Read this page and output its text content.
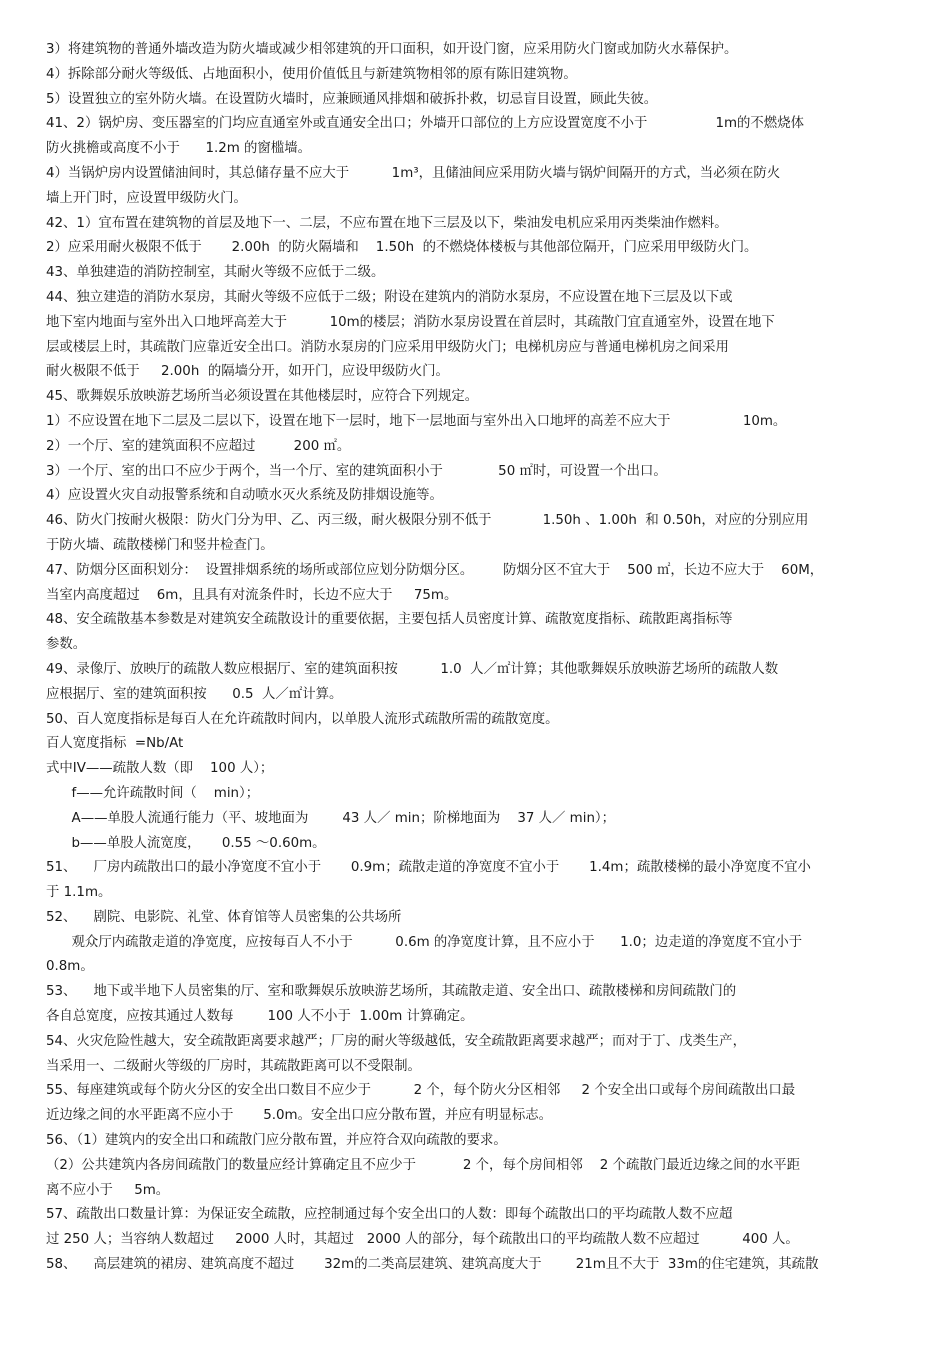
3）将建筑物的普通外墙改造为防火墙或减少相邻建筑的开口面积，如开设门窗，应采用防火门窗或加防火水幕保护。
4）拆除部分耐火等级低、占地面积小，使用价值低且与新建筑物相邻的原有陈旧建筑物。
5）设置独立的室外防火墙。在设置防火墙时，应兼顾通风排烟和破拆扑救，切忌盲目设置，顾此失彼。
41、2）锅炉房、变压器室的门均应直通室外或直通安全出口；外墙开口部位的上方应设置宽度不小于                1m的不燃烧体
防火挑檐或高度不小于      1.2m 的窗槛墙。
4）当锅炉房内设置储油间时，其总储存量不应大于          1m³，且储油间应采用防火墙与锅炉间隔开的方式，当必须在防火
墙上开门时，应设置甲级防火门。
42、1）宜布置在建筑物的首层及地下一、二层，不应布置在地下三层及以下，柴油发电机应采用丙类柴油作燃料。
2）应采用耐火极限不低于       2.00h  的防火隔墙和    1.50h  的不燃烧体楼板与其他部位隔开，门应采用甲级防火门。
43、单独建造的消防控制室，其耐火等级不应低于二级。
44、独立建造的消防水泵房，其耐火等级不应低于二级；附设在建筑内的消防水泵房，不应设置在地下三层及以下或
地下室内地面与室外出入口地坪高差大于          10m的楼层；消防水泵房设置在首层时，其疏散门宜直通室外，设置在地下
层或楼层上时，其疏散门应靠近安全出口。消防水泵房的门应采用甲级防火门；电梯机房应与普通电梯机房之间采用
耐火极限不低于     2.00h  的隔墙分开，如开门，应设甲级防火门。
45、歌舞娱乐放映游艺场所当必须设置在其他楼层时，应符合下列规定。
1）不应设置在地下二层及二层以下，设置在地下一层时，地下一层地面与室外出入口地坪的高差不应大于                 10m。
2）一个厅、室的建筑面积不应超过         200 ㎡。
3）一个厅、室的出口不应少于两个，当一个厅、室的建筑面积小于             50 ㎡时，可设置一个出口。
4）应设置火灾自动报警系统和自动喷水灭火系统及防排烟设施等。
46、防火门按耐火极限：防火门分为甲、乙、丙三级，耐火极限分别不低于            1.50h 、1.00h  和 0.50h，对应的分别应用
于防火墙、疏散楼梯门和竖井检查门。
47、防烟分区面积划分：  设置排烟系统的场所或部位应划分防烟分区。       防烟分区不宜大于    500 ㎡，长边不应大于    60M，
当室内高度超过    6m，且具有对流条件时，长边不应大于     75m。
48、安全疏散基本参数是对建筑安全疏散设计的重要依据，主要包括人员密度计算、疏散宽度指标、疏散距离指标等
参数。
49、录像厅、放映厅的疏散人数应根据厅、室的建筑面积按          1.0  人／㎡计算；其他歌舞娱乐放映游艺场所的疏散人数
应根据厅、室的建筑面积按      0.5  人／㎡计算。
50、百人宽度指标是每百人在允许疏散时间内，以单股人流形式疏散所需的疏散宽度。
百人宽度指标  =Nb/At
式中IV——疏散人数（即    100 人）；
f——允许疏散时间（    min）；
A——单股人流通行能力（平、坡地面为        43 人／ min；阶梯地面为    37 人／ min）；
b——单股人流宽度，     0.55 ～0.60m。
51、    厂房内疏散出口的最小净宽度不宜小于       0.9m；疏散走道的净宽度不宜小于       1.4m；疏散楼梯的最小净宽度不宜小
于 1.1m。
52、    剧院、电影院、礼堂、体育馆等人员密集的公共场所
观众厅内疏散走道的净宽度，应按每百人不小于          0.6m 的净宽度计算，且不应小于      1.0；边走道的净宽度不宜小于
0.8m。
53、    地下或半地下人员密集的厅、室和歌舞娱乐放映游艺场所，其疏散走道、安全出口、疏散楼梯和房间疏散门的
各自总宽度，应按其通过人数每        100 人不小于  1.00m 计算确定。
54、火灾危险性越大，安全疏散距离要求越严；厂房的耐火等级越低，安全疏散距离要求越严；而对于丁、戊类生产，
当采用一、二级耐火等级的厂房时，其疏散距离可以不受限制。
55、每座建筑或每个防火分区的安全出口数目不应少于          2 个，每个防火分区相邻     2 个安全出口或每个房间疏散出口最
近边缘之间的水平距离不应小于       5.0m。安全出口应分散布置，并应有明显标志。
56、（1）建筑内的安全出口和疏散门应分散布置，并应符合双向疏散的要求。
（2）公共建筑内各房间疏散门的数量应经计算确定且不应少于           2 个，每个房间相邻    2 个疏散门最近边缘之间的水平距
离不应小于     5m。
57、疏散出口数量计算：为保证安全疏散，应控制通过每个安全出口的人数：即每个疏散出口的平均疏散人数不应超
过 250 人；当容纳人数超过     2000 人时，其超过   2000 人的部分，每个疏散出口的平均疏散人数不应超过          400 人。
58、    高层建筑的裙房、建筑高度不超过       32m的二类高层建筑、建筑高度大于        21m且不大于  33m的住宅建筑，其疏散
